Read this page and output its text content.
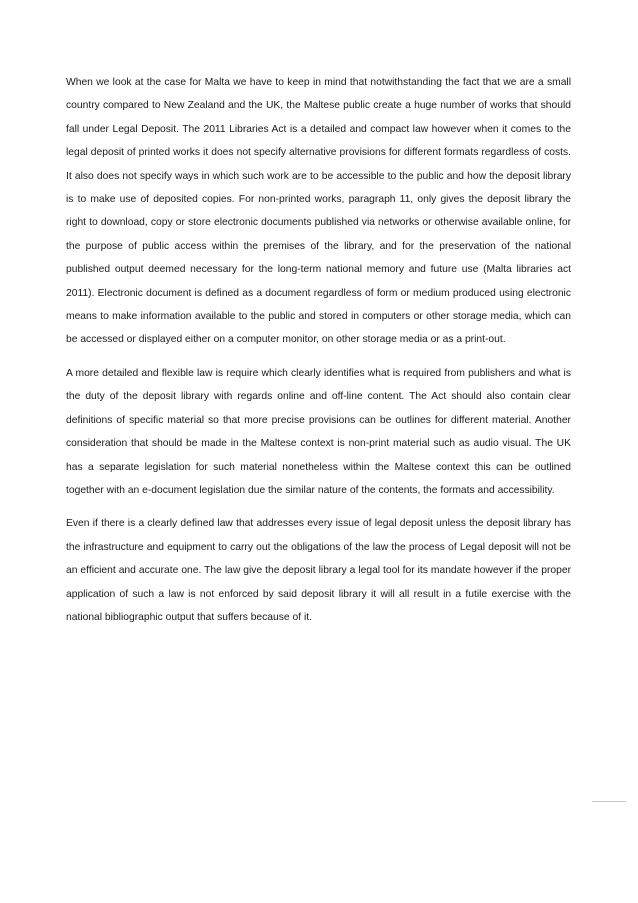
When we look at the case for Malta we have to keep in mind that notwithstanding the fact that we are a small country compared to New Zealand and the UK, the Maltese public create a huge number of works that should fall under Legal Deposit. The 2011 Libraries Act is a detailed and compact law however when it comes to the legal deposit of printed works it does not specify alternative provisions for different formats regardless of costs. It also does not specify ways in which such work are to be accessible to the public and how the deposit library is to make use of deposited copies. For non-printed works, paragraph 11, only gives the deposit library the right to download, copy or store electronic documents published via networks or otherwise available online, for the purpose of public access within the premises of the library, and for the preservation of the national published output deemed necessary for the long-term national memory and future use (Malta libraries act 2011). Electronic document is defined as a document regardless of form or medium produced using electronic means to make information available to the public and stored in computers or other storage media, which can be accessed or displayed either on a computer monitor, on other storage media or as a print-out.

A more detailed and flexible law is require which clearly identifies what is required from publishers and what is the duty of the deposit library with regards online and off-line content. The Act should also contain clear definitions of specific material so that more precise provisions can be outlines for different material. Another consideration that should be made in the Maltese context is non-print material such as audio visual. The UK has a separate legislation for such material nonetheless within the Maltese context this can be outlined together with an e-document legislation due the similar nature of the contents, the formats and accessibility.

Even if there is a clearly defined law that addresses every issue of legal deposit unless the deposit library has the infrastructure and equipment to carry out the obligations of the law the process of Legal deposit will not be an efficient and accurate one. The law give the deposit library a legal tool for its mandate however if the proper application of such a law is not enforced by said deposit library it will all result in a futile exercise with the national bibliographic output that suffers because of it.
